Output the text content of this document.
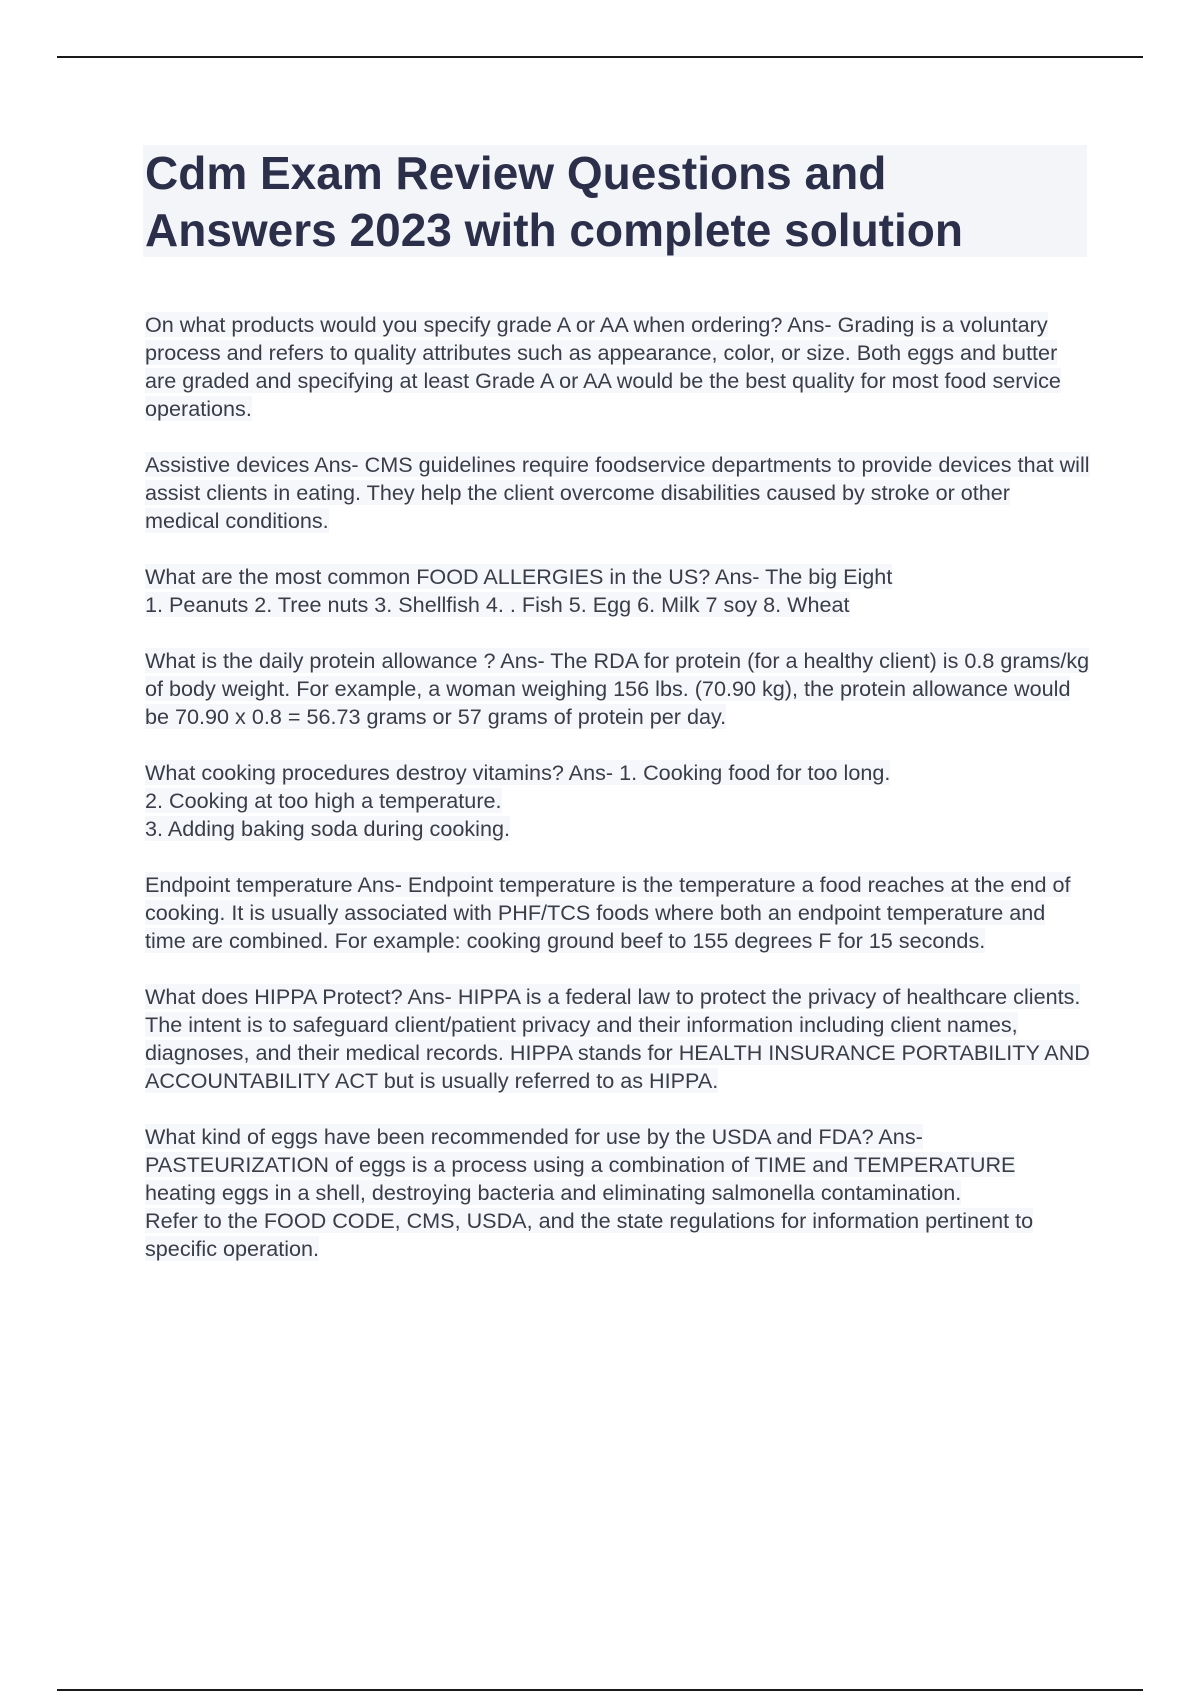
Cdm Exam Review Questions and Answers 2023 with complete solution

On what products would you specify grade A or AA when ordering? Ans- Grading is a voluntary process and refers to quality attributes such as appearance, color, or size. Both eggs and butter are graded and specifying at least Grade A or AA would be the best quality for most food service operations.

Assistive devices Ans- CMS guidelines require foodservice departments to provide devices that will assist clients in eating. They help the client overcome disabilities caused by stroke or other medical conditions.

What are the most common FOOD ALLERGIES in the US? Ans- The big Eight
1. Peanuts 2. Tree nuts 3. Shellfish 4. . Fish 5. Egg 6. Milk 7 soy 8. Wheat

What is the daily protein allowance ? Ans- The RDA for protein (for a healthy client) is 0.8 grams/kg of body weight. For example, a woman weighing 156 lbs. (70.90 kg), the protein allowance would be 70.90 x 0.8 = 56.73 grams or 57 grams of protein per day.

What cooking procedures destroy vitamins? Ans- 1. Cooking food for too long.
2. Cooking at too high a temperature.
3. Adding baking soda during cooking.

Endpoint temperature Ans- Endpoint temperature is the temperature a food reaches at the end of cooking. It is usually associated with PHF/TCS foods where both an endpoint temperature and time are combined. For example: cooking ground beef to 155 degrees F for 15 seconds.

What does HIPPA Protect? Ans- HIPPA is a federal law to protect the privacy of healthcare clients. The intent is to safeguard client/patient privacy and their information including client names, diagnoses, and their medical records. HIPPA stands for HEALTH INSURANCE PORTABILITY AND ACCOUNTABILITY ACT but is usually referred to as HIPPA.

What kind of eggs have been recommended for use by the USDA and FDA? Ans- PASTEURIZATION of eggs is a process using a combination of TIME and TEMPERATURE heating eggs in a shell, destroying bacteria and eliminating salmonella contamination.
Refer to the FOOD CODE, CMS, USDA, and the state regulations for information pertinent to specific operation.
